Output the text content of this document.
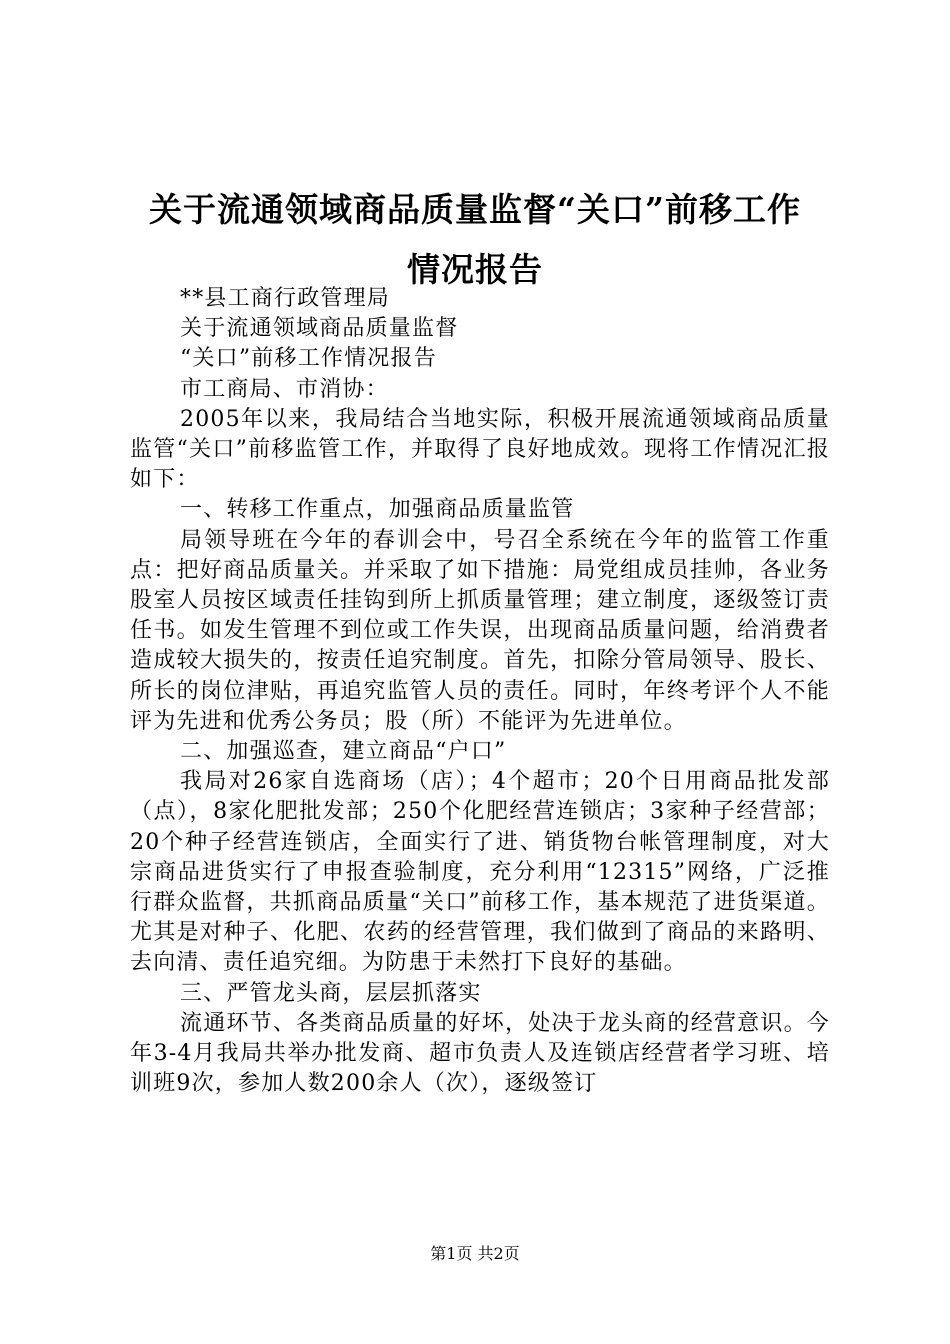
关于流通领域商品质量监督“关口”前移工作
情况报告

**县工商行政管理局

关于流通领域商品质量监督

“关口”前移工作情况报告

市工商局、市消协：

2005年以来，我局结合当地实际，积极开展流通领域商品质量监管“关口”前移监管工作，并取得了良好地成效。现将工作情况汇报如下：

一、转移工作重点，加强商品质量监管

局领导班在今年的春训会中，号召全系统在今年的监管工作重点：把好商品质量关。并采取了如下措施：局党组成员挂帅，各业务股室人员按区域责任挂钩到所上抓质量管理；建立制度，逐级签订责任书。如发生管理不到位或工作失误，出现商品质量问题，给消费者造成较大损失的，按责任追究制度。首先，扣除分管局领导、股长、所长的岗位津贴，再追究监管人员的责任。同时，年终考评个人不能评为先进和优秀公务员；股（所）不能评为先进单位。

二、加强巡查，建立商品“户口”

我局对26家自选商场（店）；4个超市；20个日用商品批发部（点），8家化肥批发部；250个化肥经营连锁店；3家种子经营部；20个种子经营连锁店，全面实行了进、销货物台帐管理制度，对大宗商品进货实行了申报查验制度，充分利用“12315”网络，广泛推行群众监督，共抓商品质量“关口”前移工作，基本规范了进货渠道。尤其是对种子、化肥、农药的经营管理，我们做到了商品的来路明、去向清、责任追究细。为防患于未然打下良好的基础。

三、严管龙头商，层层抓落实

流通环节、各类商品质量的好坏，处决于龙头商的经营意识。今年3-4月我局共举办批发商、超市负责人及连锁店经营者学习班、培训班9次，参加人数200余人（次），逐级签订

第1页 共2页
